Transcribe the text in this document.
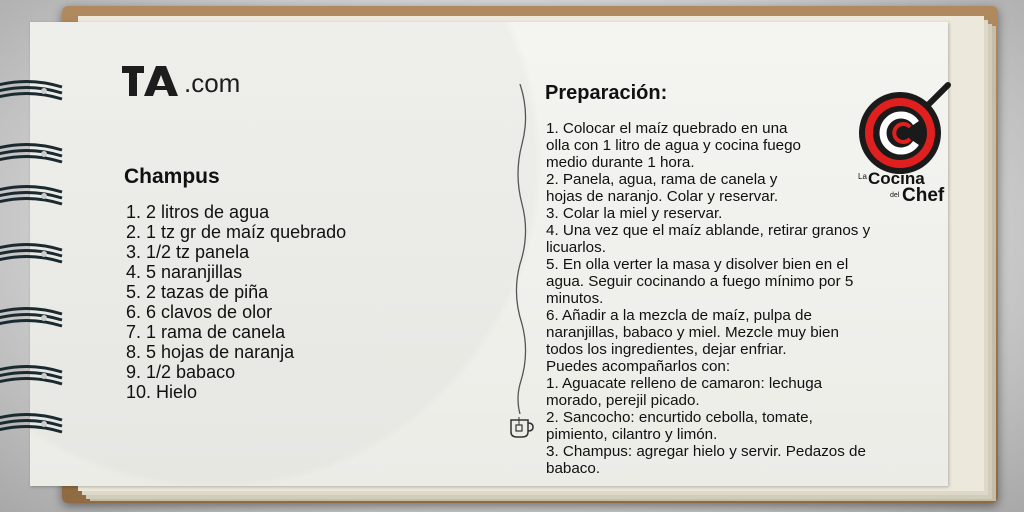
.com
Champus
1. 2 litros de agua
2. 1 tz gr de maíz quebrado
3. 1/2 tz panela
4. 5 naranjillas
5. 2 tazas de piña
6. 6 clavos de olor
7. 1 rama de canela
8. 5 hojas de naranja
9. 1/2 babaco
10. Hielo
Preparación:
1. Colocar el maíz quebrado en una
olla con 1 litro de agua y cocina fuego
medio durante 1 hora.
2. Panela, agua, rama de canela y
hojas de naranjo. Colar y reservar.
3. Colar la miel y reservar.
4. Una vez que el maíz ablande, retirar granos y
licuarlos.
5. En olla verter la masa y disolver bien en el
agua. Seguir cocinando a fuego mínimo por 5
minutos.
6. Añadir a la mezcla de maíz, pulpa de
naranjillas, babaco y miel. Mezcle muy bien
todos los ingredientes, dejar enfriar.
Puedes acompañarlos con:
1. Aguacate relleno de camaron: lechuga
morado, perejil picado.
2. Sancocho: encurtido cebolla, tomate,
pimiento, cilantro y limón.
3. Champus: agregar hielo y servir. Pedazos de
babaco.
La Cocina
del Chef
